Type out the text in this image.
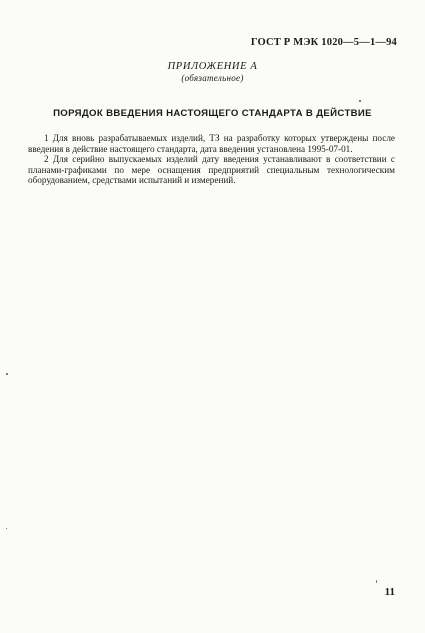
ГОСТ Р МЭК 1020—5—1—94
ПРИЛОЖЕНИЕ А
(обязательное)
ПОРЯДОК ВВЕДЕНИЯ НАСТОЯЩЕГО СТАНДАРТА В ДЕЙСТВИЕ

1 Для вновь разрабатываемых изделий, ТЗ на разработку которых утверждены после введения в действие настоящего стандарта, дата введения установлена 1995-07-01.

2 Для серийно выпускаемых изделий дату введения устанавливают в соответствии с планами-графиками по мере оснащения предприятий специальным технологическим оборудованием, средствами испытаний и измерений.

11
